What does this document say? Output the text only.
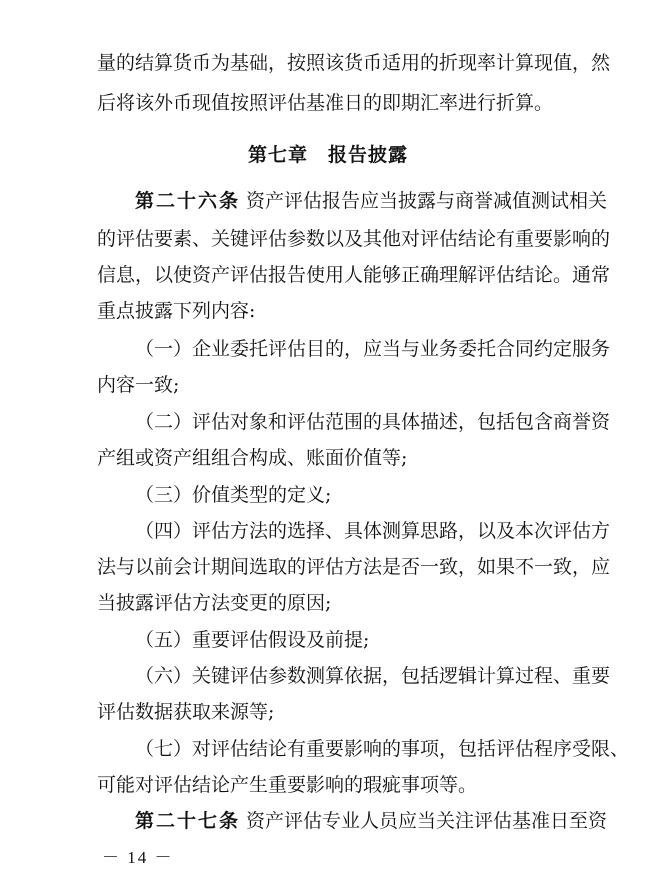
量的结算货币为基础，按照该货币适用的折现率计算现值，然
后将该外币现值按照评估基准日的即期汇率进行折算。
第七章　报告披露
第二十六条 资产评估报告应当披露与商誉减值测试相关
的评估要素、关键评估参数以及其他对评估结论有重要影响的
信息，以使资产评估报告使用人能够正确理解评估结论。通常
重点披露下列内容:
（一）企业委托评估目的，应当与业务委托合同约定服务
内容一致;
（二）评估对象和评估范围的具体描述，包括包含商誉资
产组或资产组组合构成、账面价值等;
（三）价值类型的定义;
（四）评估方法的选择、具体测算思路，以及本次评估方
法与以前会计期间选取的评估方法是否一致，如果不一致，应
当披露评估方法变更的原因;
（五）重要评估假设及前提;
（六）关键评估参数测算依据，包括逻辑计算过程、重要
评估数据获取来源等;
（七）对评估结论有重要影响的事项，包括评估程序受限、
可能对评估结论产生重要影响的瑕疵事项等。
第二十七条 资产评估专业人员应当关注评估基准日至资
－ 14 －
